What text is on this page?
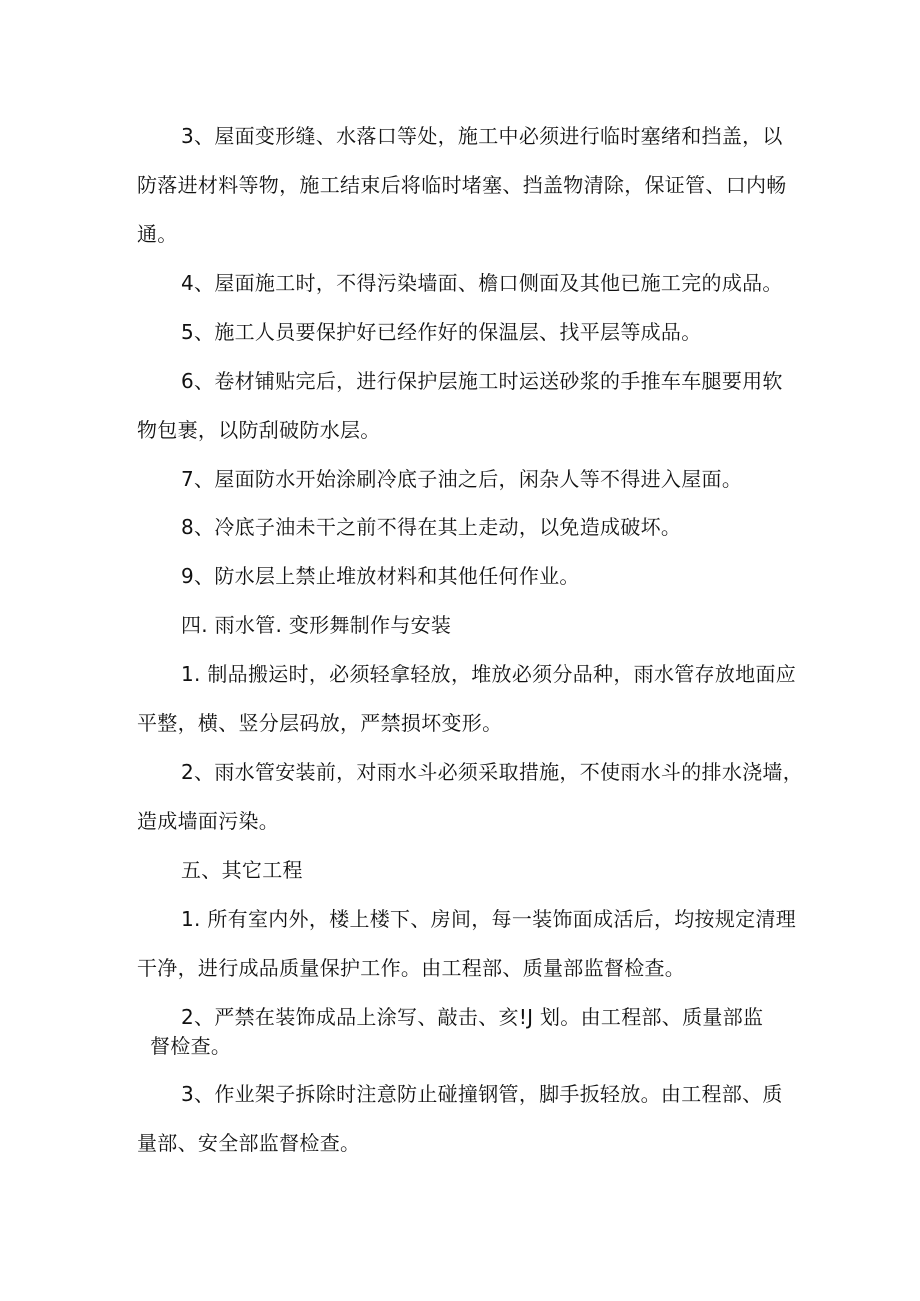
3、屋面变形缝、水落口等处，施工中必须进行临时塞绪和挡盖，以
防落进材料等物，施工结束后将临时堵塞、挡盖物清除，保证管、口内畅
通。
4、屋面施工时，不得污染墙面、檐口侧面及其他已施工完的成品。
5、施工人员要保护好已经作好的保温层、找平层等成品。
6、卷材铺贴完后，进行保护层施工时运送砂浆的手推车车腿要用软
物包裹，以防刮破防水层。
7、屋面防水开始涂刷冷底子油之后，闲杂人等不得进入屋面。
8、冷底子油未干之前不得在其上走动，以免造成破坏。
9、防水层上禁止堆放材料和其他任何作业。
四. 雨水管. 变形舞制作与安装
1. 制品搬运时，必须轻拿轻放，堆放必须分品种，雨水管存放地面应
平整，横、竖分层码放，严禁损坏变形。
2、雨水管安装前，对雨水斗必须采取措施，不使雨水斗的排水浇墙，
造成墙面污染。
五、其它工程
1. 所有室内外，楼上楼下、房间，每一装饰面成活后，均按规定清理
干净，进行成品质量保护工作。由工程部、质量部监督检查。
2、严禁在装饰成品上涂写、敲击、亥!J 划。由工程部、质量部监
督检查。
3、作业架子拆除时注意防止碰撞钢管，脚手扳轻放。由工程部、质
量部、安全部监督检查。
